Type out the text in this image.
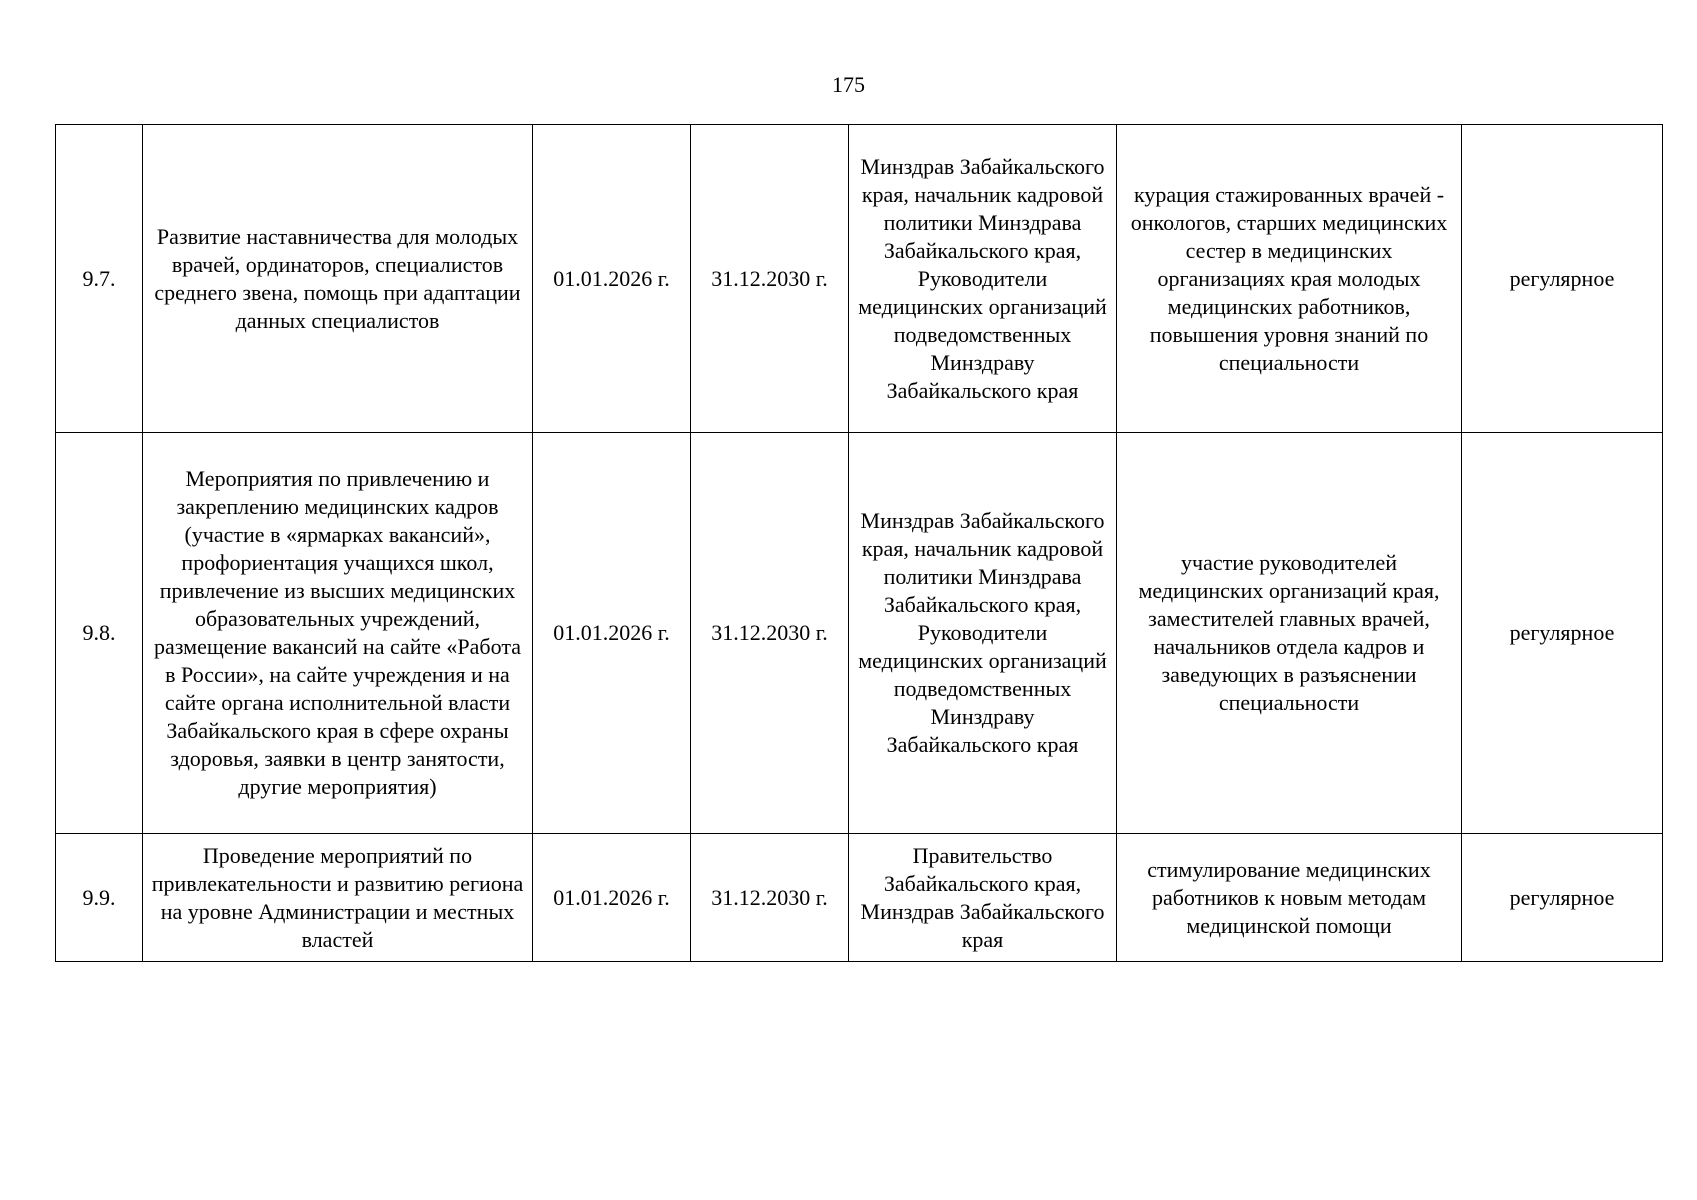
175
9.7.	Развитие наставничества для молодых врачей, ординаторов, специалистов среднего звена, помощь при адаптации данных специалистов	01.01.2026 г.	31.12.2030 г.	Минздрав Забайкальского края, начальник кадровой политики Минздрава Забайкальского края, Руководители медицинских организаций подведомственных Минздраву Забайкальского края	курация стажированных врачей - онкологов, старших медицинских сестер в медицинских организациях края молодых медицинских работников, повышения уровня знаний по специальности	регулярное
9.8.	Мероприятия по привлечению и закреплению медицинских кадров (участие в «ярмарках вакансий», профориентация учащихся школ, привлечение из высших медицинских образовательных учреждений, размещение вакансий на сайте «Работа в России», на сайте учреждения и на сайте органа исполнительной власти Забайкальского края в сфере охраны здоровья, заявки в центр занятости, другие мероприятия)	01.01.2026 г.	31.12.2030 г.	Минздрав Забайкальского края, начальник кадровой политики Минздрава Забайкальского края, Руководители медицинских организаций подведомственных Минздраву Забайкальского края	участие руководителей медицинских организаций края, заместителей главных врачей, начальников отдела кадров и заведующих в разъяснении специальности	регулярное
9.9.	Проведение мероприятий по привлекательности и развитию региона на уровне Администрации и местных властей	01.01.2026 г.	31.12.2030 г.	Правительство Забайкальского края, Минздрав Забайкальского края	стимулирование медицинских работников к новым методам медицинской помощи	регулярное
